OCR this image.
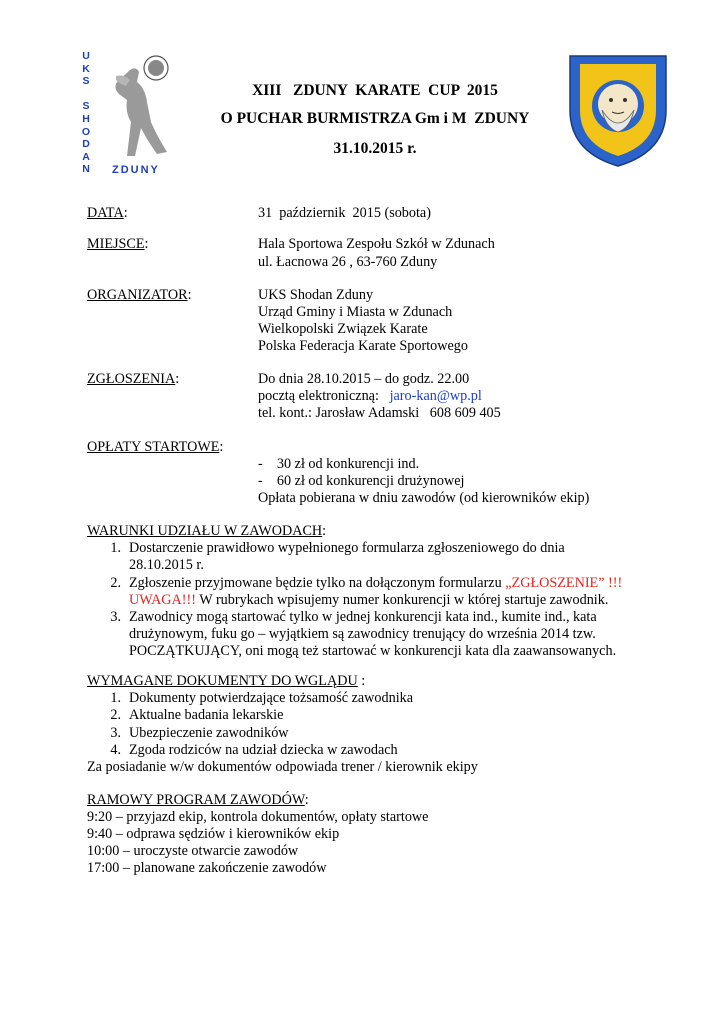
U
K
S

S
H
O
D
A
N ZDUNY
XIII   ZDUNY  KARATE  CUP  2015
O PUCHAR BURMISTRZA Gm i M  ZDUNY
31.10.2015 r.
DATA:	31  październik  2015 (sobota)
MIEJSCE:	Hala Sportowa Zespołu Szkół w Zdunach
ul. Łacnowa 26 , 63-760 Zduny
ORGANIZATOR:	UKS Shodan Zduny
Urząd Gminy i Miasta w Zdunach
Wielkopolski Związek Karate
Polska Federacja Karate Sportowego
ZGŁOSZENIA:	Do dnia 28.10.2015 – do godz. 22.00
pocztą elektroniczną:   jaro-kan@wp.pl
tel. kont.: Jarosław Adamski   608 609 405
OPŁATY STARTOWE:
-    30 zł od konkurencji ind.
-    60 zł od konkurencji drużynowej
Opłata pobierana w dniu zawodów (od kierowników ekip)
WARUNKI UDZIAŁU W ZAWODACH:
1. Dostarczenie prawidłowo wypełnionego formularza zgłoszeniowego do dnia
28.10.2015 r.
2. Zgłoszenie przyjmowane będzie tylko na dołączonym formularzu „ZGŁOSZENIE” !!!
UWAGA!!! W rubrykach wpisujemy numer konkurencji w której startuje zawodnik.
3. Zawodnicy mogą startować tylko w jednej konkurencji kata ind., kumite ind., kata
drużynowym, fuku go – wyjątkiem są zawodnicy trenujący do września 2014 tzw.
POCZĄTKUJĄCY, oni mogą też startować w konkurencji kata dla zaawansowanych.
WYMAGANE DOKUMENTY DO WGLĄDU :
1. Dokumenty potwierdzające tożsamość zawodnika
2. Aktualne badania lekarskie
3. Ubezpieczenie zawodników
4. Zgoda rodziców na udział dziecka w zawodach
Za posiadanie w/w dokumentów odpowiada trener / kierownik ekipy
RAMOWY PROGRAM ZAWODÓW:
9:20 – przyjazd ekip, kontrola dokumentów, opłaty startowe
9:40 – odprawa sędziów i kierowników ekip
10:00 – uroczyste otwarcie zawodów
17:00 – planowane zakończenie zawodów
